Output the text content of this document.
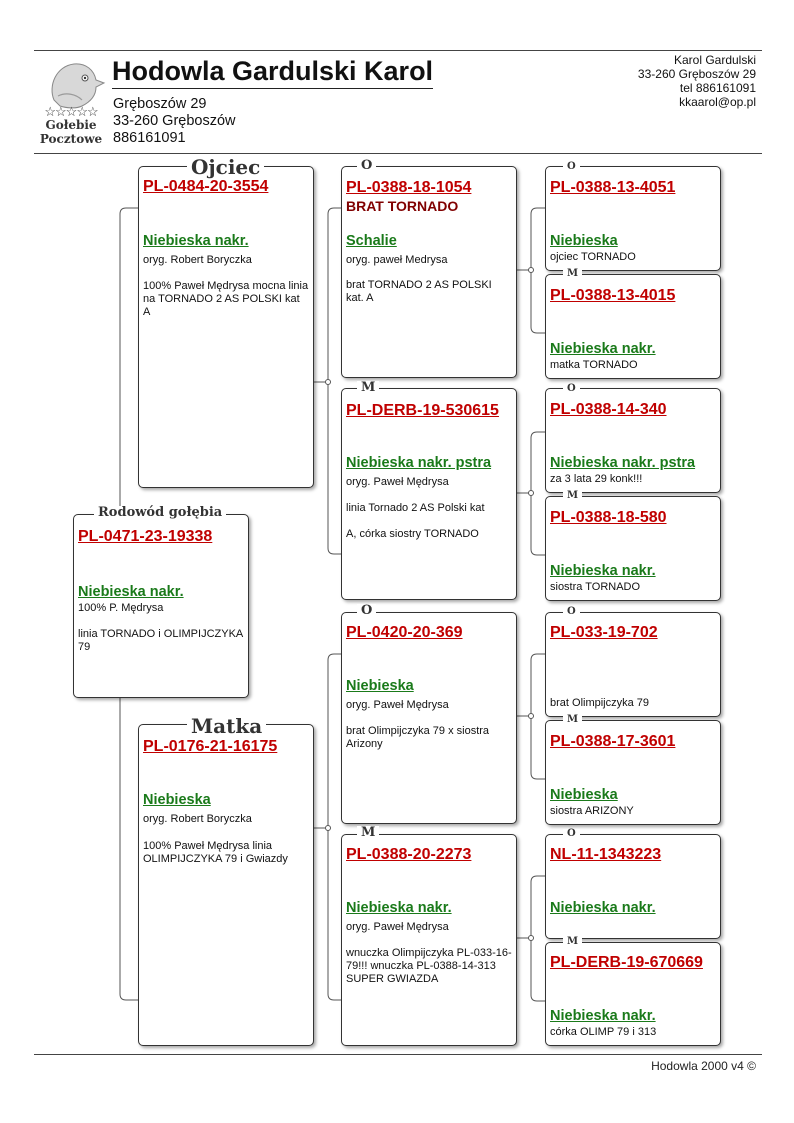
☆☆☆☆☆
Gołebie
Pocztowe
Hodowla Gardulski Karol
Gręboszów 29
33-260 Gręboszów
886161091
Karol Gardulski
33-260 Gręboszów 29
tel 886161091
kkaarol@op.pl
PL-0471-23-19338
Niebieska nakr.
100% P. Mędrysa
linia TORNADO i OLIMPIJCZYKA 79
Rodowód gołębia
PL-0484-20-3554
Niebieska nakr.
oryg. Robert Boryczka
100% Paweł Mędrysa mocna linia na TORNADO 2 AS POLSKI kat A
Ojciec
PL-0176-21-16175
Niebieska
oryg. Robert Boryczka
100% Paweł Mędrysa linia OLIMPIJCZYKA 79 i Gwiazdy
Matka
PL-0388-18-1054
BRAT TORNADO
Schalie
oryg. paweł Medrysa
brat TORNADO 2 AS POLSKI kat. A
O
PL-DERB-19-530615
Niebieska nakr. pstra
oryg. Paweł Mędrysa
linia Tornado 2 AS Polski kat
A, córka siostry TORNADO
M
PL-0420-20-369
Niebieska
oryg. Paweł Mędrysa
brat Olimpijczyka 79 x siostra Arizony
O
PL-0388-20-2273
Niebieska nakr.
oryg. Paweł Mędrysa
wnuczka Olimpijczyka PL-033-16-79!!! wnuczka PL-0388-14-313 SUPER GWIAZDA
M
PL-0388-13-4051
Niebieska
ojciec TORNADO
O
PL-0388-13-4015
Niebieska nakr.
matka TORNADO
M
PL-0388-14-340
Niebieska nakr. pstra
za 3 lata 29 konk!!!
O
PL-0388-18-580
Niebieska nakr.
siostra TORNADO
M
PL-033-19-702
brat Olimpijczyka 79
O
PL-0388-17-3601
Niebieska
siostra ARIZONY
M
NL-11-1343223
Niebieska nakr.
O
PL-DERB-19-670669
Niebieska nakr.
córka OLIMP 79 i 313
M
Hodowla 2000 v4 ©
